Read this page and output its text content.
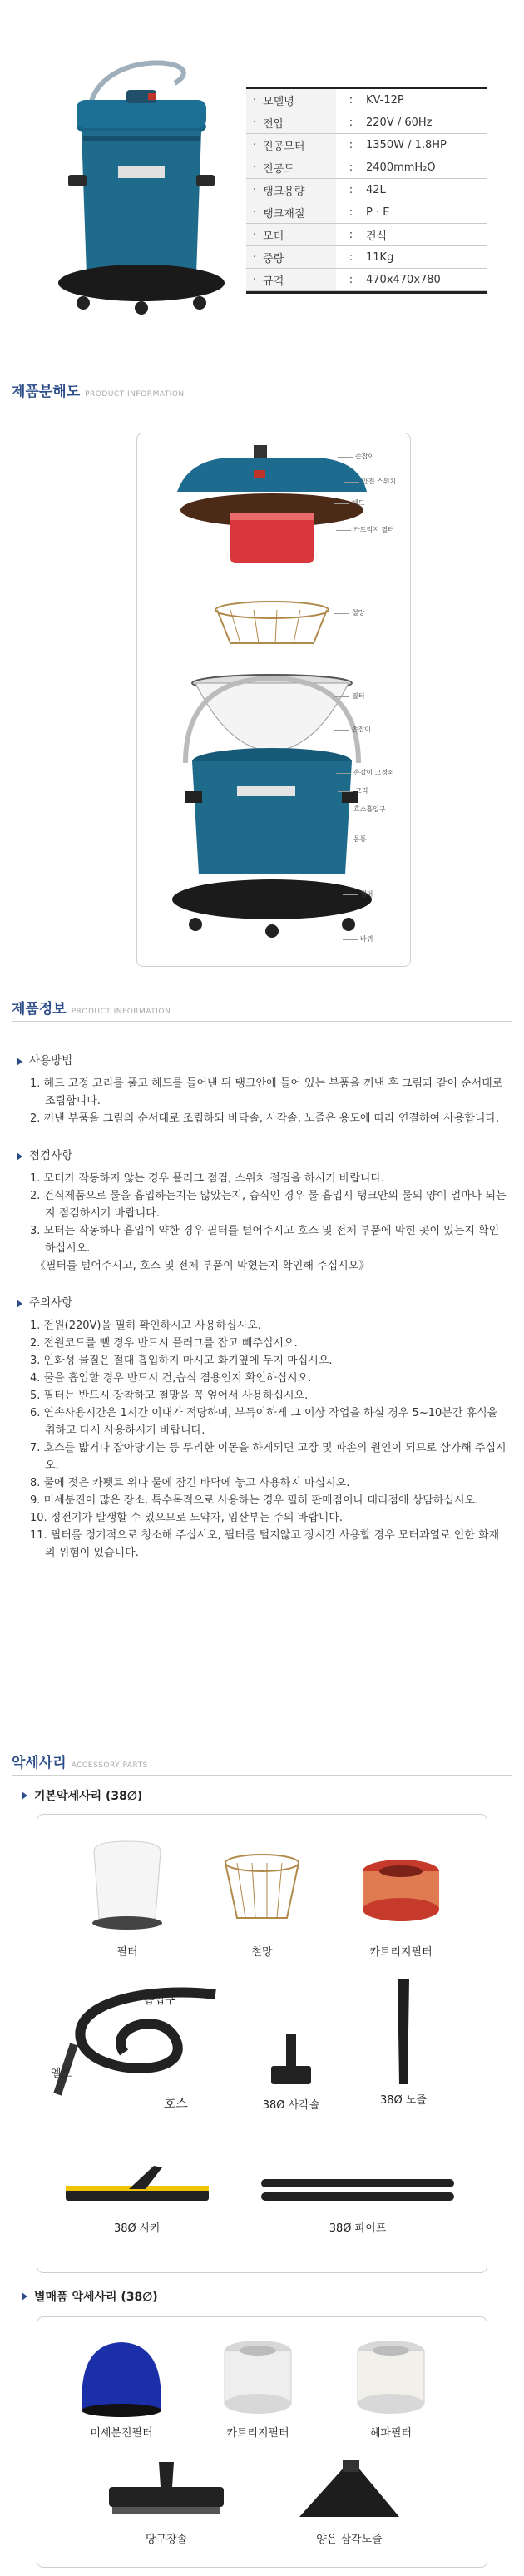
· 모델명	:	KV-12P
· 전압	:	220V / 60Hz
· 진공모터	:	1350W / 1,8HP
· 진공도	:	2400mmH₂O
· 탱크용량	:	42L
· 탱크재질	:	P · E
· 모터	:	건식
· 중량	:	11Kg
· 규격	:	470x470x780
제품분해도 PRODUCT INFORMATION
손잡이
안전 스위치
헤드
카트리지 필터
철망
필터
손잡이
손잡이 고정쇠
고리
호스흡입구
몸통
탬퍼
바퀴
제품정보 PRODUCT INFORMATION
사용방법
1. 헤드 고정 고리를 풀고 헤드를 들어낸 뒤 탱크안에 들어 있는 부품을 꺼낸 후 그림과 같이 순서대로 조립합니다.
2. 꺼낸 부품을 그림의 순서대로 조립하되 바닥솔, 사각솔, 노즐은 용도에 따라 연결하여 사용합니다.
점검사항
1. 모터가 작동하지 않는 경우 플러그 점검, 스위치 점검을 하시기 바랍니다.
2. 건식제품으로 물을 흡입하는지는 않았는지, 습식인 경우 물 흡입시 탱크안의 물의 양이 얼마나 되는지 점검하시기 바랍니다.
3. 모터는 작동하나 흡입이 약한 경우 필터를 털어주시고 호스 및 전체 부품에 막힌 곳이 있는지 확인하십시오.
《필터를 털어주시고, 호스 및 전체 부품이 막혔는지 확인해 주십시오》
주의사항
1. 전원(220V)을 필히 확인하시고 사용하십시오.
2. 전원코드를 뺄 경우 반드시 플러그를 잡고 빼주십시오.
3. 인화성 물질은 절대 흡입하지 마시고 화기옆에 두지 마십시오.
4. 물을 흡입할 경우 반드시 건,습식 겸용인지 확인하십시오.
5. 필터는 반드시 장착하고 철망을 꼭 엎어서 사용하십시오.
6. 연속사용시간은 1시간 이내가 적당하며, 부득이하게 그 이상 작업을 하실 경우 5~10분간 휴식을 취하고 다시 사용하시기 바랍니다.
7. 호스를 밟거나 잡아당기는 등 무리한 이동을 하게되면 고장 및 파손의 원인이 되므로 삼가해 주십시오.
8. 물에 젖은 카펫트 위나 물에 잠긴 바닥에 놓고 사용하지 마십시오.
9. 미세분진이 많은 장소, 특수목적으로 사용하는 경우 필히 판매점이나 대리점에 상담하십시오.
10. 정전기가 발생할 수 있으므로 노약자, 임산부는 주의 바랍니다.
11. 필터를 정기적으로 청소해 주십시오, 필터를 털지않고 장시간 사용할 경우 모터과열로 인한 화재의 위험이 있습니다.
악세사리 ACCESSORY PARTS
기본악세사리 (38∅)
필터	철망	카트리지필터
흡입구
엘보
호스	38Ø 사각솔	38Ø 노즐
38Ø 사카	38Ø 파이프
별매품 악세사리 (38∅)
미세분진필터	카트리지필터	헤파필터
당구장솔	양은 삼각노즐
